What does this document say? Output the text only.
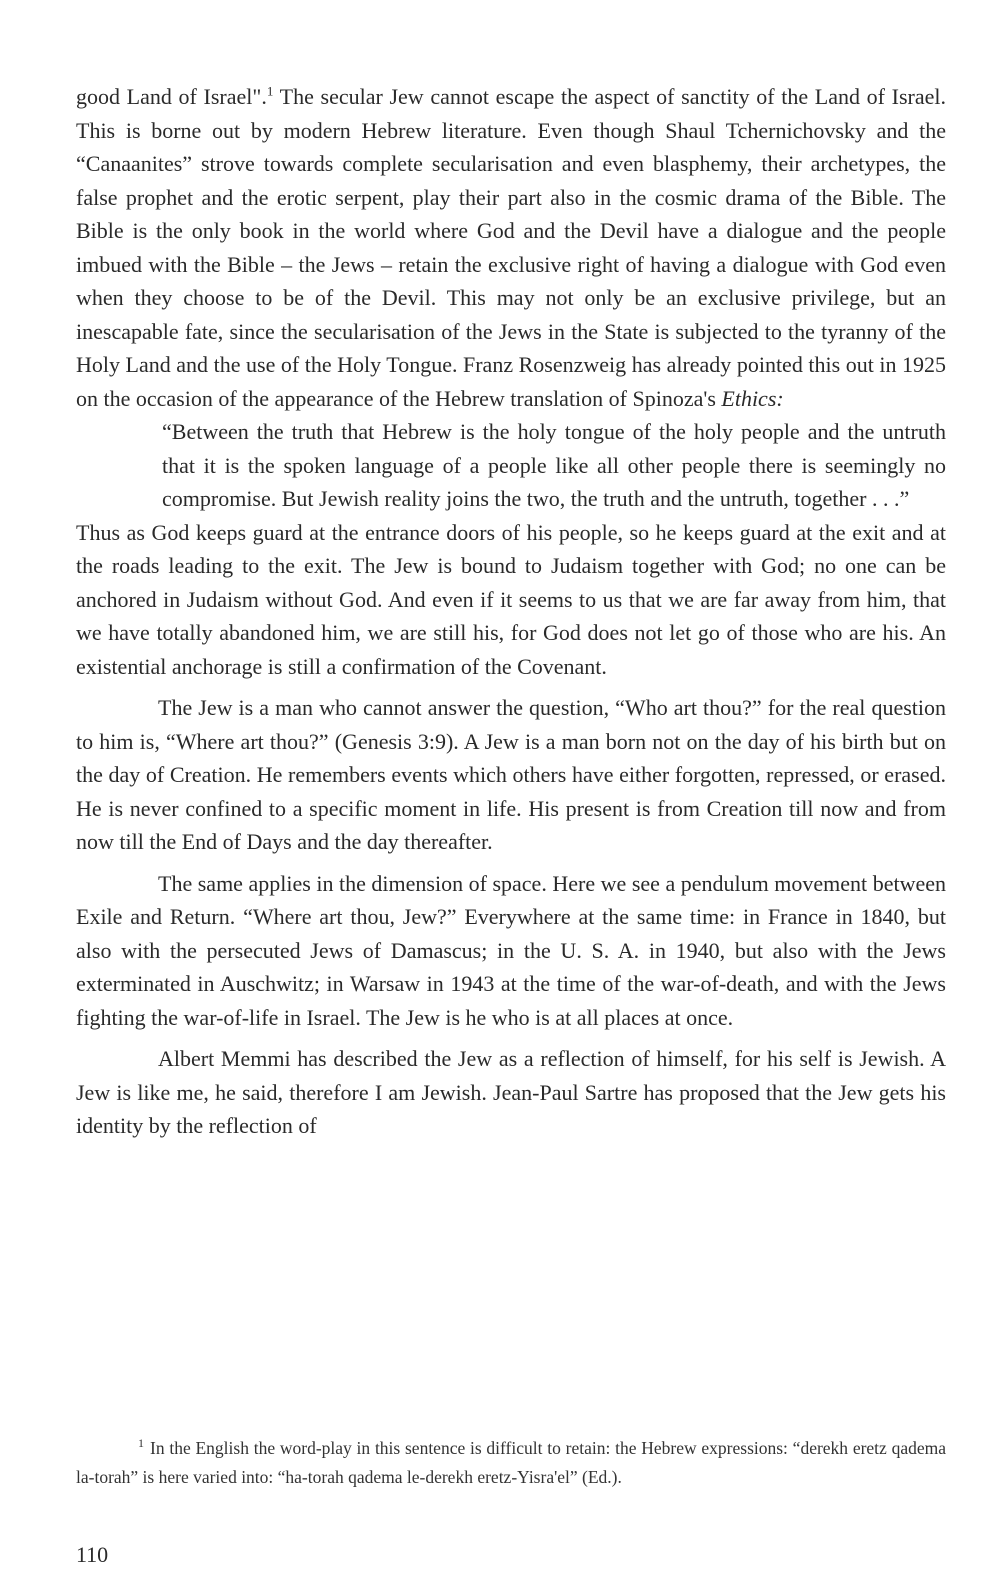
good Land of Israel".$^1$ The secular Jew cannot escape the aspect of sanctity of the Land of Israel. This is borne out by modern Hebrew literature. Even though Shaul Tchernichovsky and the “Canaanites” strove towards complete secularisation and even blasphemy, their archetypes, the false prophet and the erotic serpent, play their part also in the cosmic drama of the Bible. The Bible is the only book in the world where God and the Devil have a dialogue and the people imbued with the Bible – the Jews – retain the exclusive right of having a dialogue with God even when they choose to be of the Devil. This may not only be an exclusive privilege, but an inescapable fate, since the secularisation of the Jews in the State is subjected to the tyranny of the Holy Land and the use of the Holy Tongue. Franz Rosenzweig has already pointed this out in 1925 on the occasion of the appearance of the Hebrew translation of Spinoza's Ethics:

“Between the truth that Hebrew is the holy tongue of the holy people and the untruth that it is the spoken language of a people like all other people there is seemingly no compromise. But Jewish reality joins the two, the truth and the untruth, together . . .”

Thus as God keeps guard at the entrance doors of his people, so he keeps guard at the exit and at the roads leading to the exit. The Jew is bound to Judaism together with God; no one can be anchored in Judaism without God. And even if it seems to us that we are far away from him, that we have totally abandoned him, we are still his, for God does not let go of those who are his. An existential anchorage is still a confirmation of the Covenant.

The Jew is a man who cannot answer the question, “Who art thou?” for the real question to him is, “Where art thou?” (Genesis 3:9). A Jew is a man born not on the day of his birth but on the day of Creation. He remembers events which others have either forgotten, repressed, or erased. He is never confined to a specific moment in life. His present is from Creation till now and from now till the End of Days and the day thereafter.

The same applies in the dimension of space. Here we see a pendulum movement between Exile and Return. “Where art thou, Jew?” Everywhere at the same time: in France in 1840, but also with the persecuted Jews of Damascus; in the U. S. A. in 1940, but also with the Jews exterminated in Auschwitz; in Warsaw in 1943 at the time of the war-of-death, and with the Jews fighting the war-of-life in Israel. The Jew is he who is at all places at once.

Albert Memmi has described the Jew as a reflection of himself, for his self is Jewish. A Jew is like me, he said, therefore I am Jewish. Jean-Paul Sartre has proposed that the Jew gets his identity by the reflection of

$^1$ In the English the word-play in this sentence is difficult to retain: the Hebrew expressions: “derekh eretz qadema la-torah” is here varied into: “ha-torah qadema le-derekh eretz-Yisra'el” (Ed.).
110
